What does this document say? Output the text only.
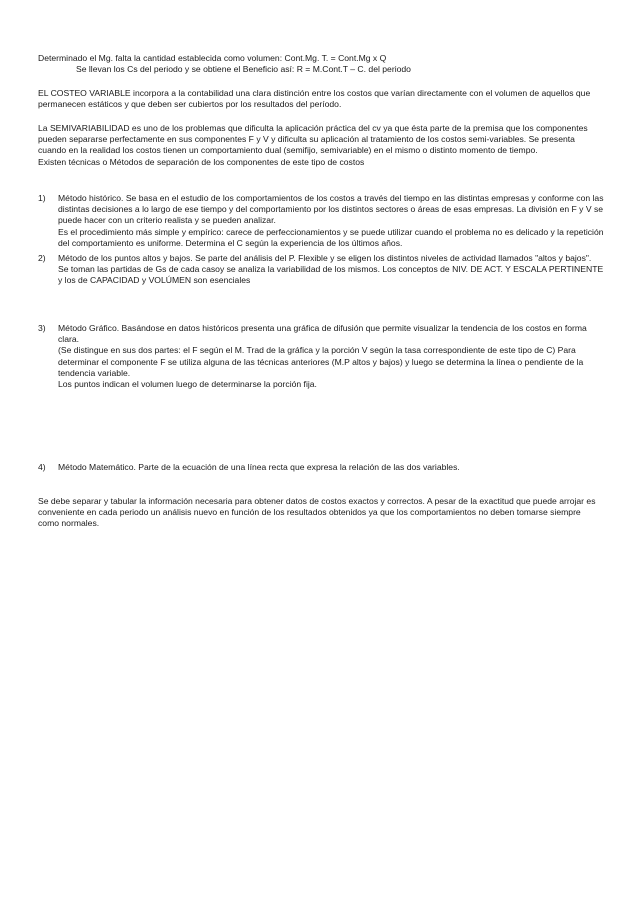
Determinado el Mg. falta la cantidad establecida como volumen: Cont.Mg. T. = Cont.Mg x Q
Se llevan los Cs del periodo y se obtiene el Beneficio así: R = M.Cont.T – C. del periodo

EL COSTEO VARIABLE incorpora a la contabilidad una clara distinción entre los costos que varían directamente con el volumen de aquellos que permanecen estáticos y que deben ser cubiertos por los resultados del período.

La SEMIVARIABILIDAD es uno de los problemas que dificulta la aplicación práctica del cv ya que ésta parte de la premisa que los componentes pueden separarse perfectamente en sus componentes F y V y dificulta su aplicación al tratamiento de los costos semi-variables. Se presenta cuando en la realidad los costos tienen un comportamiento dual (semifijo, semivariable) en el mismo o distinto momento de tiempo.
Existen técnicas o Métodos de separación de los componentes de este tipo de costos
1)	Método histórico. Se basa en el estudio de los comportamientos de los costos a través del tiempo en las distintas empresas y conforme con las distintas decisiones a lo largo de ese tiempo y del comportamiento por los distintos sectores o áreas de esas empresas. La división en F y V se puede hacer con un criterio realista y se pueden analizar.
Es el procedimiento más simple y empírico: carece de perfeccionamientos y se puede utilizar cuando el problema no es delicado y la repetición del comportamiento es uniforme. Determina el C según la experiencia de los últimos años.
2)	Método de los puntos altos y bajos. Se parte del análisis del P. Flexible y se eligen los distintos niveles de actividad llamados "altos y bajos". Se toman las partidas de Gs de cada casoy se analiza la variabilidad de los mismos. Los conceptos de NIV. DE ACT. Y ESCALA PERTINENTE y los de CAPACIDAD y VOLÚMEN son esenciales
3)	Método Gráfico. Basándose en datos históricos presenta una gráfica de difusión que permite visualizar la tendencia de los costos en forma clara.
(Se distingue en sus dos partes: el F según el M. Trad de la gráfica y la porción V según la tasa correspondiente de este tipo de C) Para determinar el componente F se utiliza alguna de las técnicas anteriores (M.P altos y bajos) y luego se determina la línea o pendiente de la tendencia variable.
Los puntos indican el volumen luego de determinarse la porción fija.
4)	Método Matemático. Parte de la ecuación de una línea recta que expresa la relación de las dos variables.

Se debe separar y tabular la información necesaria para obtener datos de costos exactos y correctos. A pesar de la exactitud que puede arrojar es conveniente en cada periodo un análisis nuevo en función de los resultados obtenidos ya que los comportamientos no deben tomarse siempre como normales.
